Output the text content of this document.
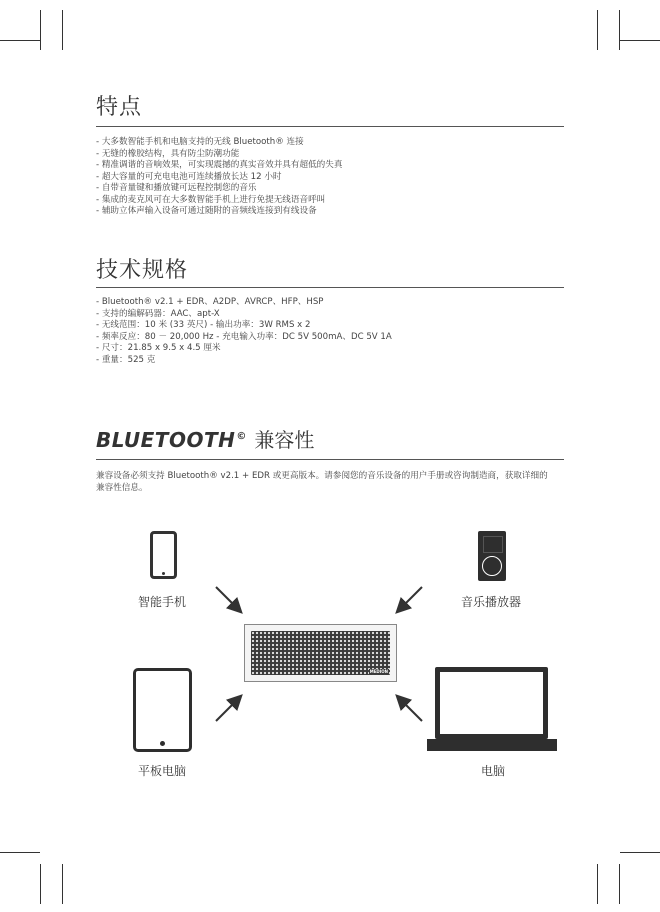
特点
- 大多数智能手机和电脑支持的无线 Bluetooth® 连接
- 无缝的橡胶结构，具有防尘防潮功能
- 精准调谐的音响效果，可实现震撼的真实音效并具有超低的失真
- 超大容量的可充电电池可连续播放长达 12 小时
- 自带音量键和播放键可远程控制您的音乐
- 集成的麦克风可在大多数智能手机上进行免提无线语音呼叫
- 辅助立体声输入设备可通过随附的音频线连接到有线设备
技术规格
- Bluetooth® v2.1 + EDR、A2DP、AVRCP、HFP、HSP
- 支持的编解码器：AAC、apt-X
- 无线范围：10 米 (33 英尺) - 输出功率：3W RMS x 2
- 频率反应：80 － 20,000 Hz - 充电输入功率：DC 5V 500mA、DC 5V 1A
- 尺寸：21.85 x 9.5 x 4.5 厘米
- 重量：525 克
BLUETOOTH © 兼容性
兼容设备必须支持 Bluetooth® v2.1 + EDR 或更高版本。请参阅您的音乐设备的用户手册或咨询制造商，获取详细的兼容性信息。
智能手机	音乐播放器
MEDION
平板电脑	电脑
